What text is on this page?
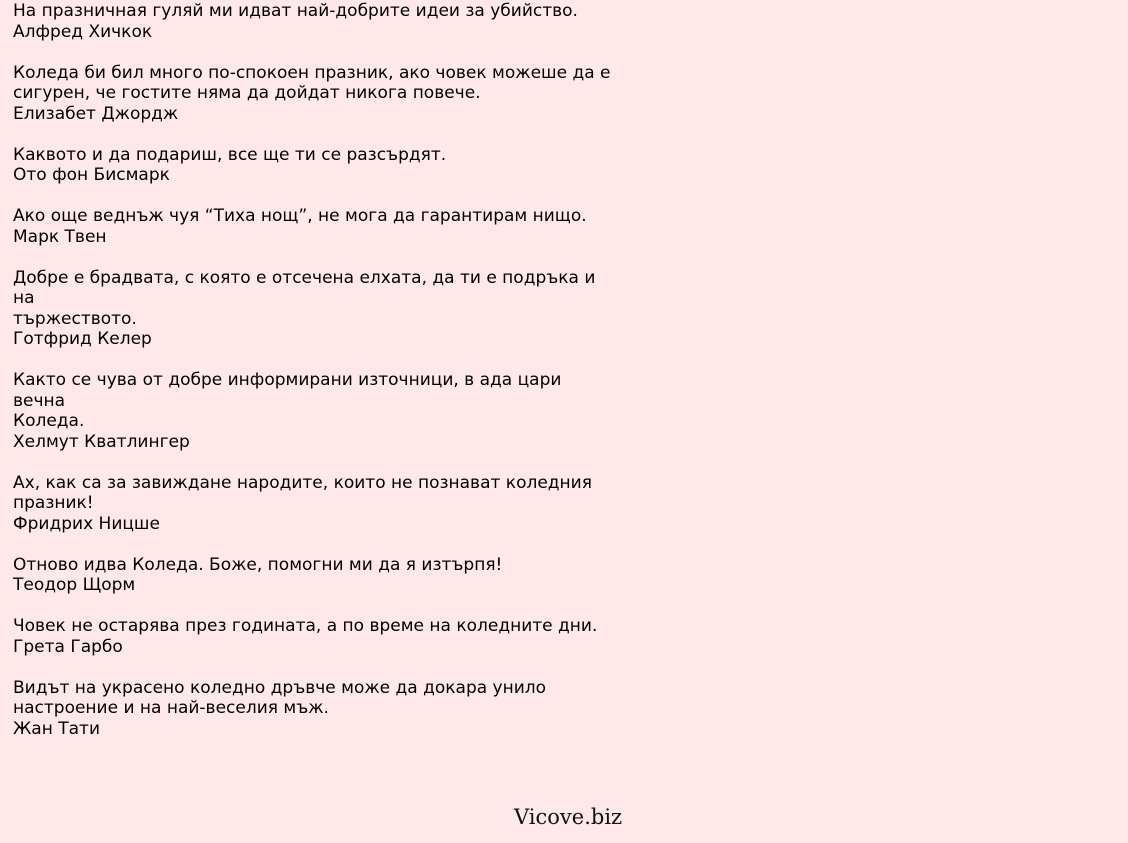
На празничная гуляй ми идват най-добрите идеи за убийство.
Алфред Хичкок
Коледа би бил много по-спокоен празник, ако човек можеше да е
сигурен, че гостите няма да дойдат никога повече.
Елизабет Джордж
Каквото и да подариш, все ще ти се разсърдят.
Ото фон Бисмарк
Ако още веднъж чуя “Тиха нощ”, не мога да гарантирам нищо.
Марк Твен
Добре е брадвата, с която е отсечена елхата, да ти е подръка и на
тържеството.
Готфрид Келер
Както се чува от добре информирани източници, в ада цари вечна
Коледа.
Хелмут Кватлингер
Ах, как са за завиждане народите, които не познават коледния
празник!
Фридрих Ницше
Отново идва Коледа. Боже, помогни ми да я изтърпя!
Теодор Щорм
Човек не остарява през годината, а по време на коледните дни.
Грета Гарбо
Видът на украсено коледно дръвче може да докара унило
настроение и на най-веселия мъж.
Жан Тати
Vicove.biz
